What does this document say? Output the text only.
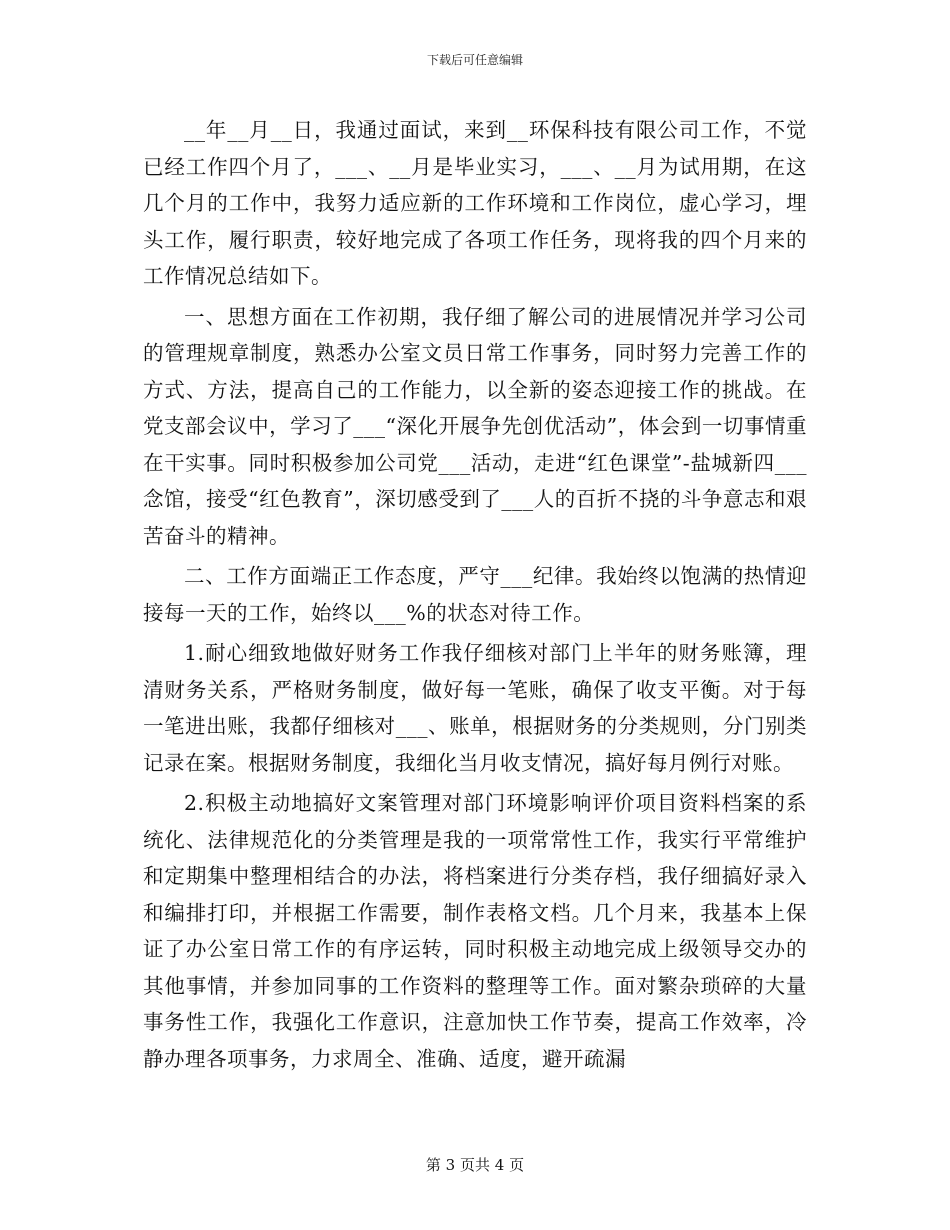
下载后可任意编辑

__年__月__日，我通过面试，来到__环保科技有限公司工作，不觉已经工作四个月了，___、__月是毕业实习，___、__月为试用期，在这几个月的工作中，我努力适应新的工作环境和工作岗位，虚心学习，埋头工作，履行职责，较好地完成了各项工作任务，现将我的四个月来的工作情况总结如下。

一、思想方面在工作初期，我仔细了解公司的进展情况并学习公司的管理规章制度，熟悉办公室文员日常工作事务，同时努力完善工作的方式、方法，提高自己的工作能力，以全新的姿态迎接工作的挑战。在党支部会议中，学习了___“深化开展争先创优活动”，体会到一切事情重在干实事。同时积极参加公司党___活动，走进“红色课堂”-盐城新四___念馆，接受“红色教育”，深切感受到了___人的百折不挠的斗争意志和艰苦奋斗的精神。

二、工作方面端正工作态度，严守___纪律。我始终以饱满的热情迎接每一天的工作，始终以___%的状态对待工作。

1.耐心细致地做好财务工作我仔细核对部门上半年的财务账簿，理清财务关系，严格财务制度，做好每一笔账，确保了收支平衡。对于每一笔进出账，我都仔细核对___、账单，根据财务的分类规则，分门别类记录在案。根据财务制度，我细化当月收支情况，搞好每月例行对账。

2.积极主动地搞好文案管理对部门环境影响评价项目资料档案的系统化、法律规范化的分类管理是我的一项常常性工作，我实行平常维护和定期集中整理相结合的办法，将档案进行分类存档，我仔细搞好录入和编排打印，并根据工作需要，制作表格文档。几个月来，我基本上保证了办公室日常工作的有序运转，同时积极主动地完成上级领导交办的其他事情，并参加同事的工作资料的整理等工作。面对繁杂琐碎的大量事务性工作，我强化工作意识，注意加快工作节奏，提高工作效率，冷静办理各项事务，力求周全、准确、适度，避开疏漏

第 3 页共 4 页
